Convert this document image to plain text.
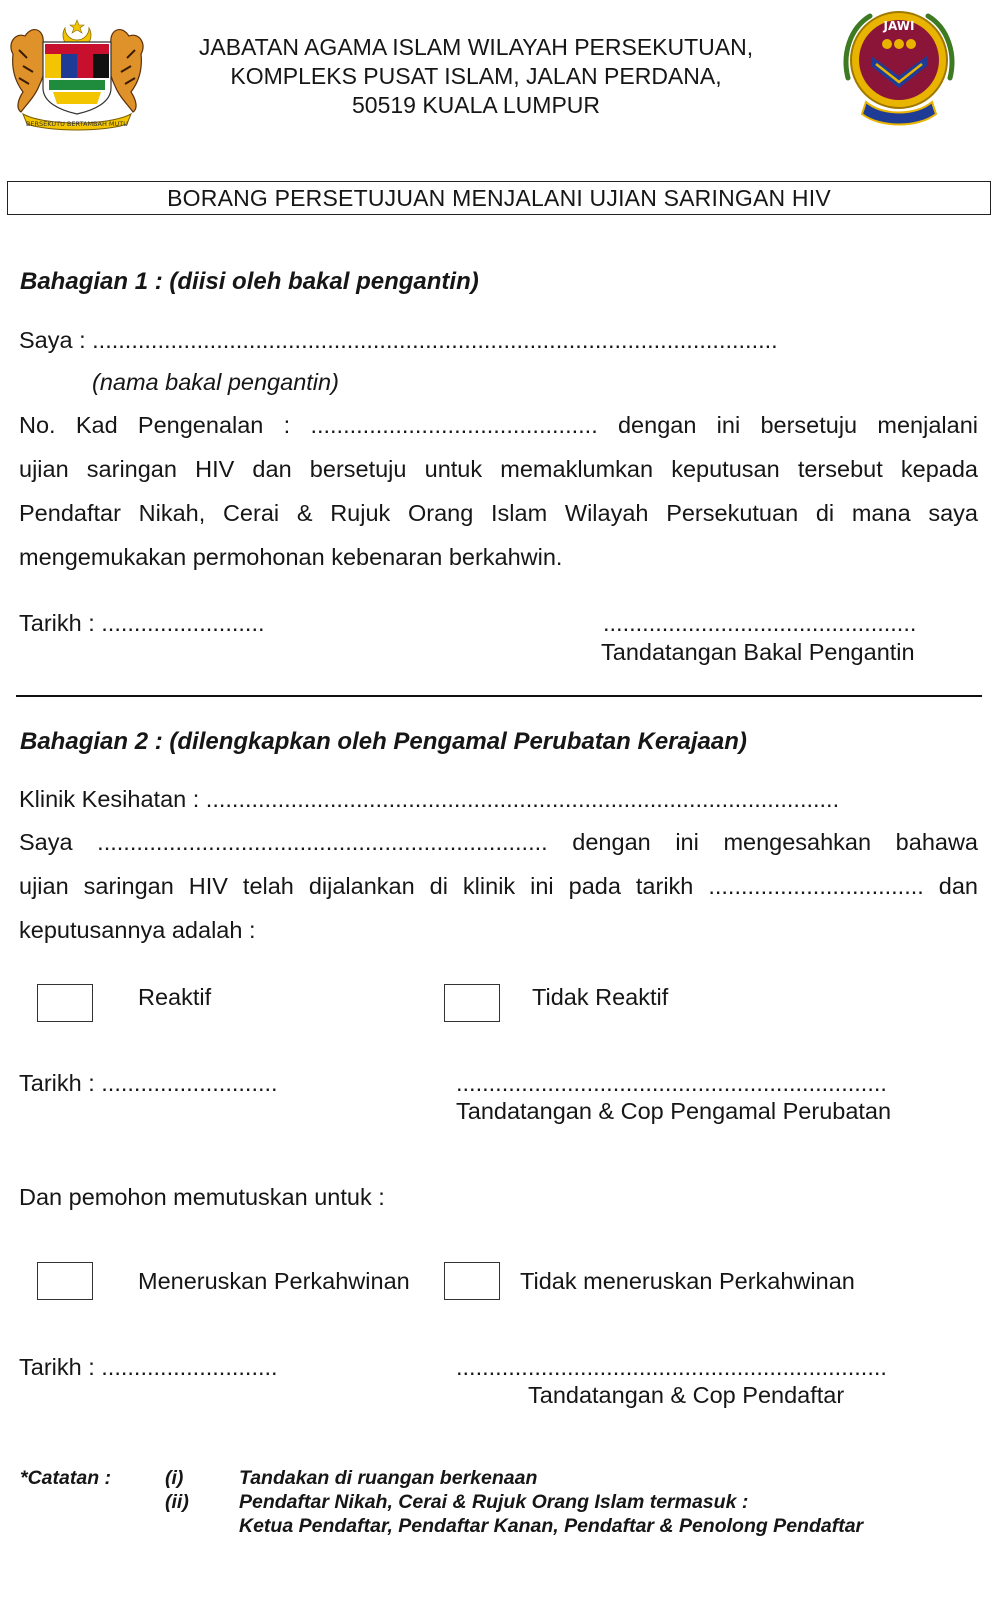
BERSEKUTU BERTAMBAH MUTU
JAWI
JABATAN AGAMA ISLAM WILAYAH PERSEKUTUAN,
KOMPLEKS PUSAT ISLAM, JALAN PERDANA,
50519 KUALA LUMPUR
BORANG PERSETUJUAN MENJALANI UJIAN SARINGAN HIV
Bahagian 1 : (diisi oleh bakal pengantin)
Saya : .........................................................................................................
(nama bakal pengantin)
No. Kad Pengenalan : ............................................ dengan ini bersetuju menjalani
ujian saringan HIV dan bersetuju untuk memaklumkan keputusan tersebut kepada
Pendaftar Nikah, Cerai & Rujuk Orang Islam Wilayah Persekutuan di mana saya
mengemukakan permohonan kebenaran berkahwin.
Tarikh : .........................	................................................
Tandatangan Bakal Pengantin
Bahagian 2 : (dilengkapkan oleh Pengamal Perubatan Kerajaan)
Klinik Kesihatan : .................................................................................................
Saya ..................................................................... dengan ini mengesahkan bahawa
ujian saringan HIV telah dijalankan di klinik ini pada tarikh ................................. dan
keputusannya adalah :
Reaktif	Tidak Reaktif
Tarikh : ...........................	..................................................................
Tandatangan & Cop Pengamal Perubatan
Dan pemohon memutuskan untuk :
Meneruskan Perkahwinan	Tidak meneruskan Perkahwinan
Tarikh : ...........................	..................................................................
Tandatangan & Cop Pendaftar
*Catatan :	(i)	Tandakan di ruangan berkenaan
(ii)	Pendaftar Nikah, Cerai & Rujuk Orang Islam termasuk :
Ketua Pendaftar, Pendaftar Kanan, Pendaftar & Penolong Pendaftar
